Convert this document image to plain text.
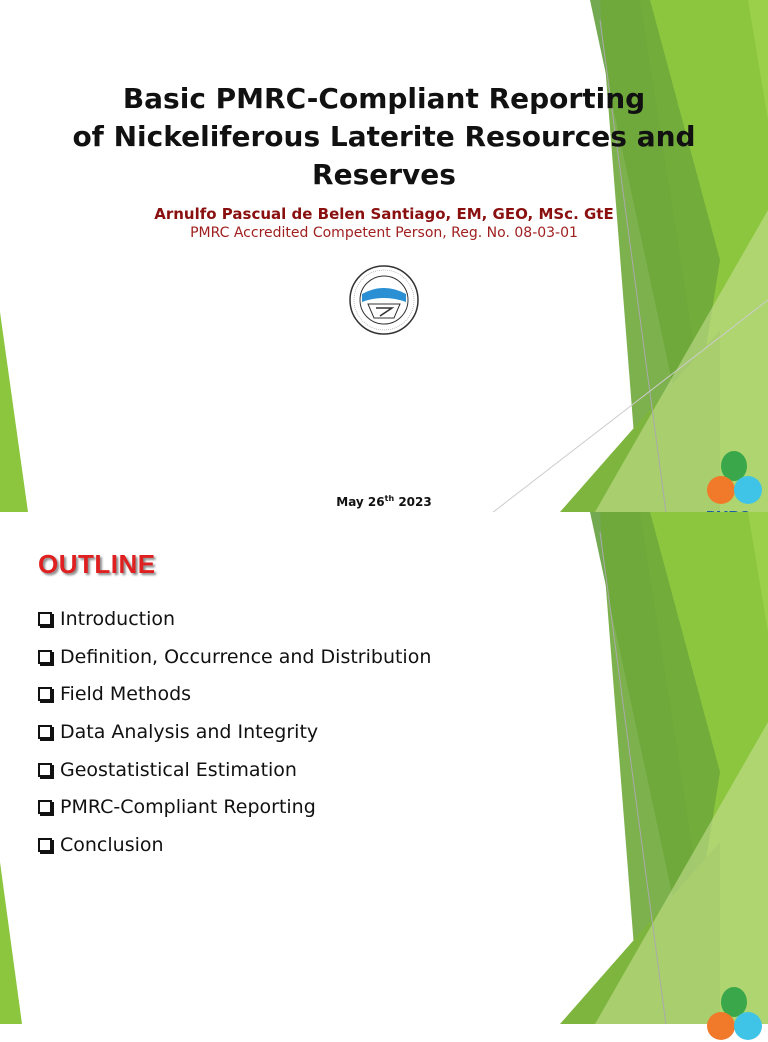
Basic PMRC-Compliant Reporting
of Nickeliferous Laterite Resources and
Reserves
Arnulfo Pascual de Belen Santiago, EM, GEO, MSc. GtE
PMRC Accredited Competent Person, Reg. No. 08-03-01
May 26th 2023
OUTLINE
Introduction
Definition, Occurrence and Distribution
Field Methods
Data Analysis and Integrity
Geostatistical Estimation
PMRC-Compliant Reporting
Conclusion
